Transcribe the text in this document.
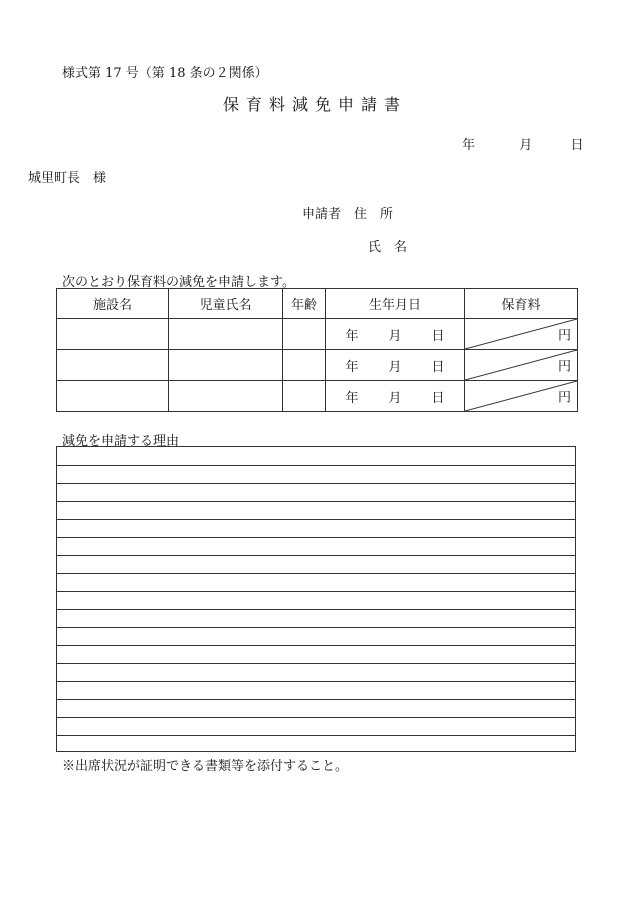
様式第 17 号（第 18 条の２関係）
保育料減免申請書
年	月	日
城里町長　様
申請者　住　所
氏　名
次のとおり保育料の減免を申請します。
施設名	児童氏名	年齢	生年月日	保育料
			年 月 日	円

			年 月 日	円

			年 月 日	円
減免を申請する理由
※出席状況が証明できる書類等を添付すること。
